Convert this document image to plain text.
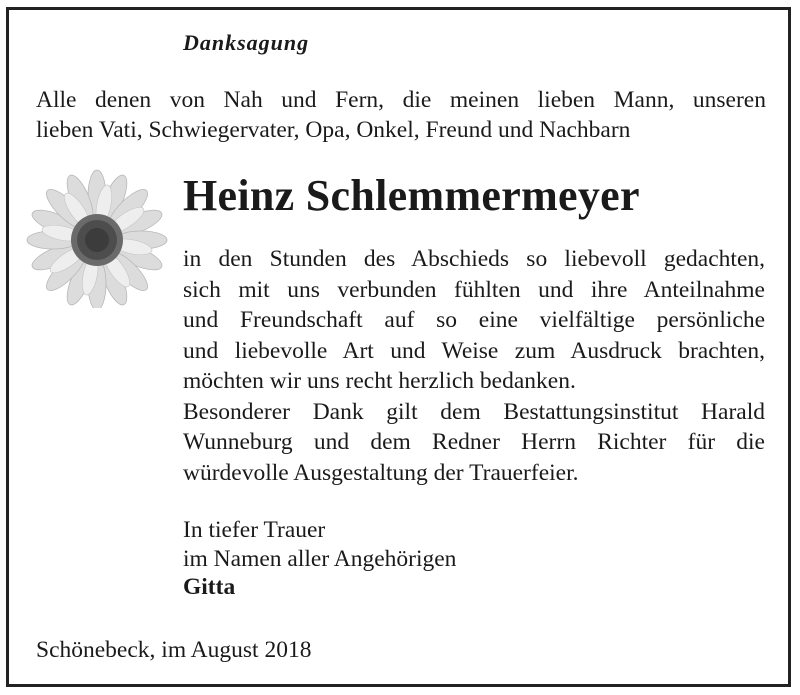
Danksagung

Alle denen von Nah und Fern, die meinen lieben Mann, unseren
lieben Vati, Schwiegervater, Opa, Onkel, Freund und Nachbarn

Heinz Schlemmermeyer

in den Stunden des Abschieds so liebevoll gedachten,
sich mit uns verbunden fühlten und ihre Anteilnahme
und Freundschaft auf so eine vielfältige persönliche
und liebevolle Art und Weise zum Ausdruck brachten,
möchten wir uns recht herzlich bedanken.
Besonderer Dank gilt dem Bestattungsinstitut Harald
Wunneburg und dem Redner Herrn Richter für die
würdevolle Ausgestaltung der Trauerfeier.

In tiefer Trauer
im Namen aller Angehörigen
Gitta

Schönebeck, im August 2018
